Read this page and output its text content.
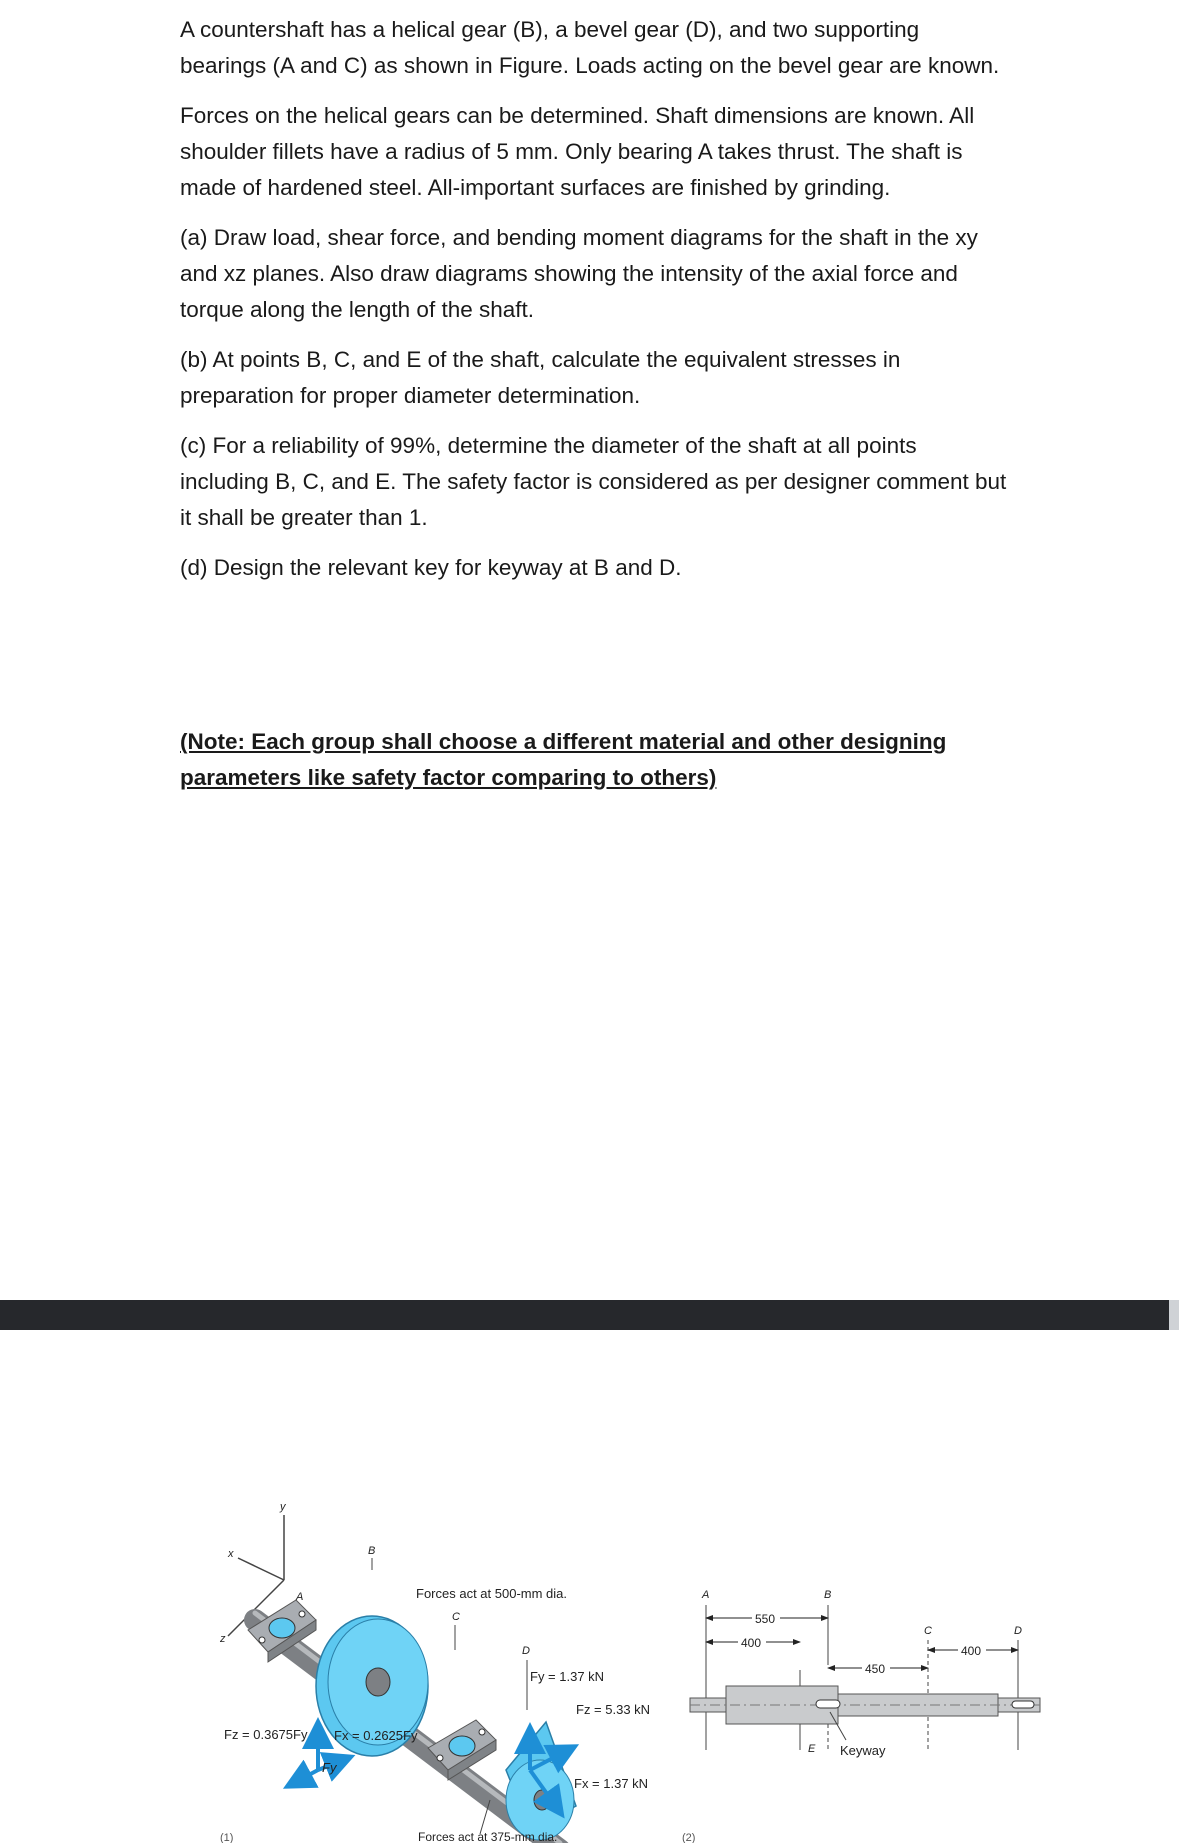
A countershaft has a helical gear (B), a bevel gear (D), and two supporting bearings (A and C) as shown in Figure. Loads acting on the bevel gear are known.

Forces on the helical gears can be determined. Shaft dimensions are known. All shoulder fillets have a radius of 5 mm. Only bearing A takes thrust. The shaft is made of hardened steel. All-important surfaces are finished by grinding.

(a) Draw load, shear force, and bending moment diagrams for the shaft in the xy and xz planes. Also draw diagrams showing the intensity of the axial force and torque along the length of the shaft.

(b) At points B, C, and E of the shaft, calculate the equivalent stresses in preparation for proper diameter determination.

(c) For a reliability of 99%, determine the diameter of the shaft at all points including B, C, and E. The safety factor is considered as per designer comment but it shall be greater than 1.

(d) Design the relevant key for keyway at B and D.

(Note: Each group shall choose a different material and other designing
parameters like safety factor comparing to others)
y
x
z
A
B
Fz = 0.3675Fy Fx = 0.2625Fy
Fy
Forces act at 500-mm dia.
C
D
Fy = 1.37 kN
Fz = 5.33 kN
Fx = 1.37 kN
Forces act at 375-mm dia.
(1)
A	B
C	D
E
550
400
450
400
Keyway
(2)
